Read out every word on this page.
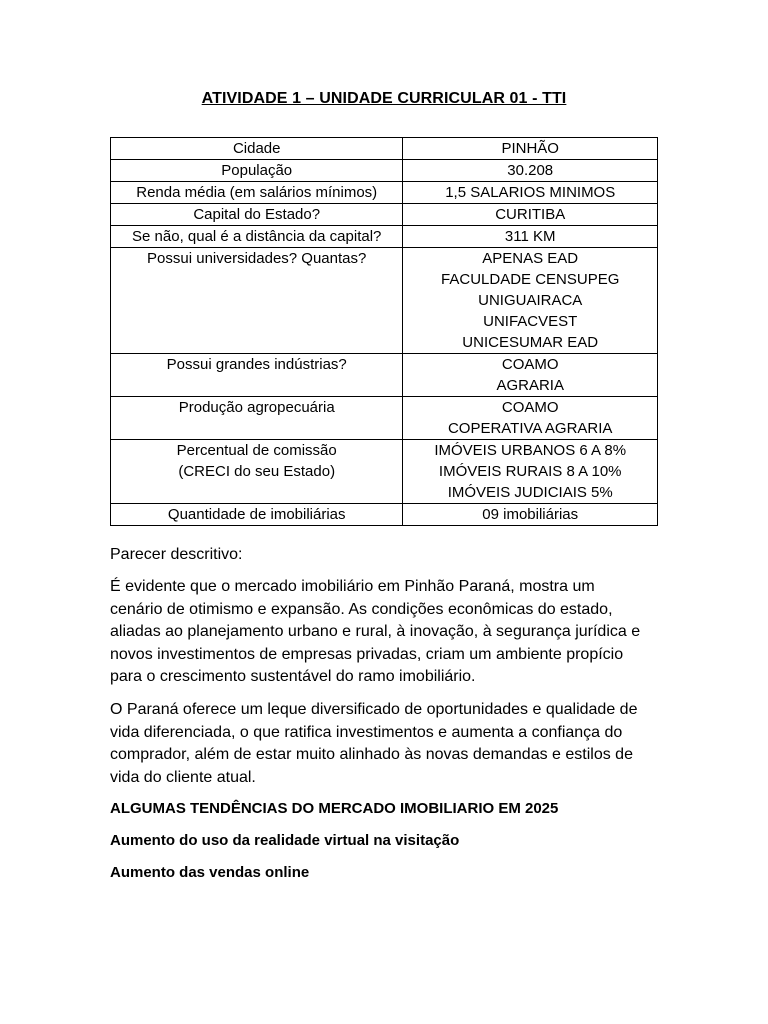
ATIVIDADE 1 – UNIDADE CURRICULAR 01 - TTI
Cidade	PINHÃO

População	30.208

Renda média (em salários mínimos)	1,5 SALARIOS MINIMOS

Capital do Estado?	CURITIBA

Se não, qual é a distância da capital?	311 KM

Possui universidades? Quantas?	APENAS EAD
FACULDADE CENSUPEG
UNIGUAIRACA
UNIFACVEST
UNICESUMAR EAD

Possui grandes indústrias?	COAMO
AGRARIA

Produção agropecuária	COAMO
COPERATIVA AGRARIA

Percentual de comissão
(CRECI do seu Estado)	IMÓVEIS URBANOS 6 A 8%
IMÓVEIS RURAIS 8 A 10%
IMÓVEIS JUDICIAIS 5%

Quantidade de imobiliárias	09 imobiliárias
Parecer descritivo:
É evidente que o mercado imobiliário em Pinhão Paraná, mostra um
cenário de otimismo e expansão. As condições econômicas do estado,
aliadas ao planejamento urbano e rural, à inovação, à segurança jurídica e
novos investimentos de empresas privadas, criam um ambiente propício
para o crescimento sustentável do ramo imobiliário.
O Paraná oferece um leque diversificado de oportunidades e qualidade de
vida diferenciada, o que ratifica investimentos e aumenta a confiança do
comprador, além de estar muito alinhado às novas demandas e estilos de
vida do cliente atual.
ALGUMAS TENDÊNCIAS DO MERCADO IMOBILIARIO EM 2025
Aumento do uso da realidade virtual na visitação
Aumento das vendas online
